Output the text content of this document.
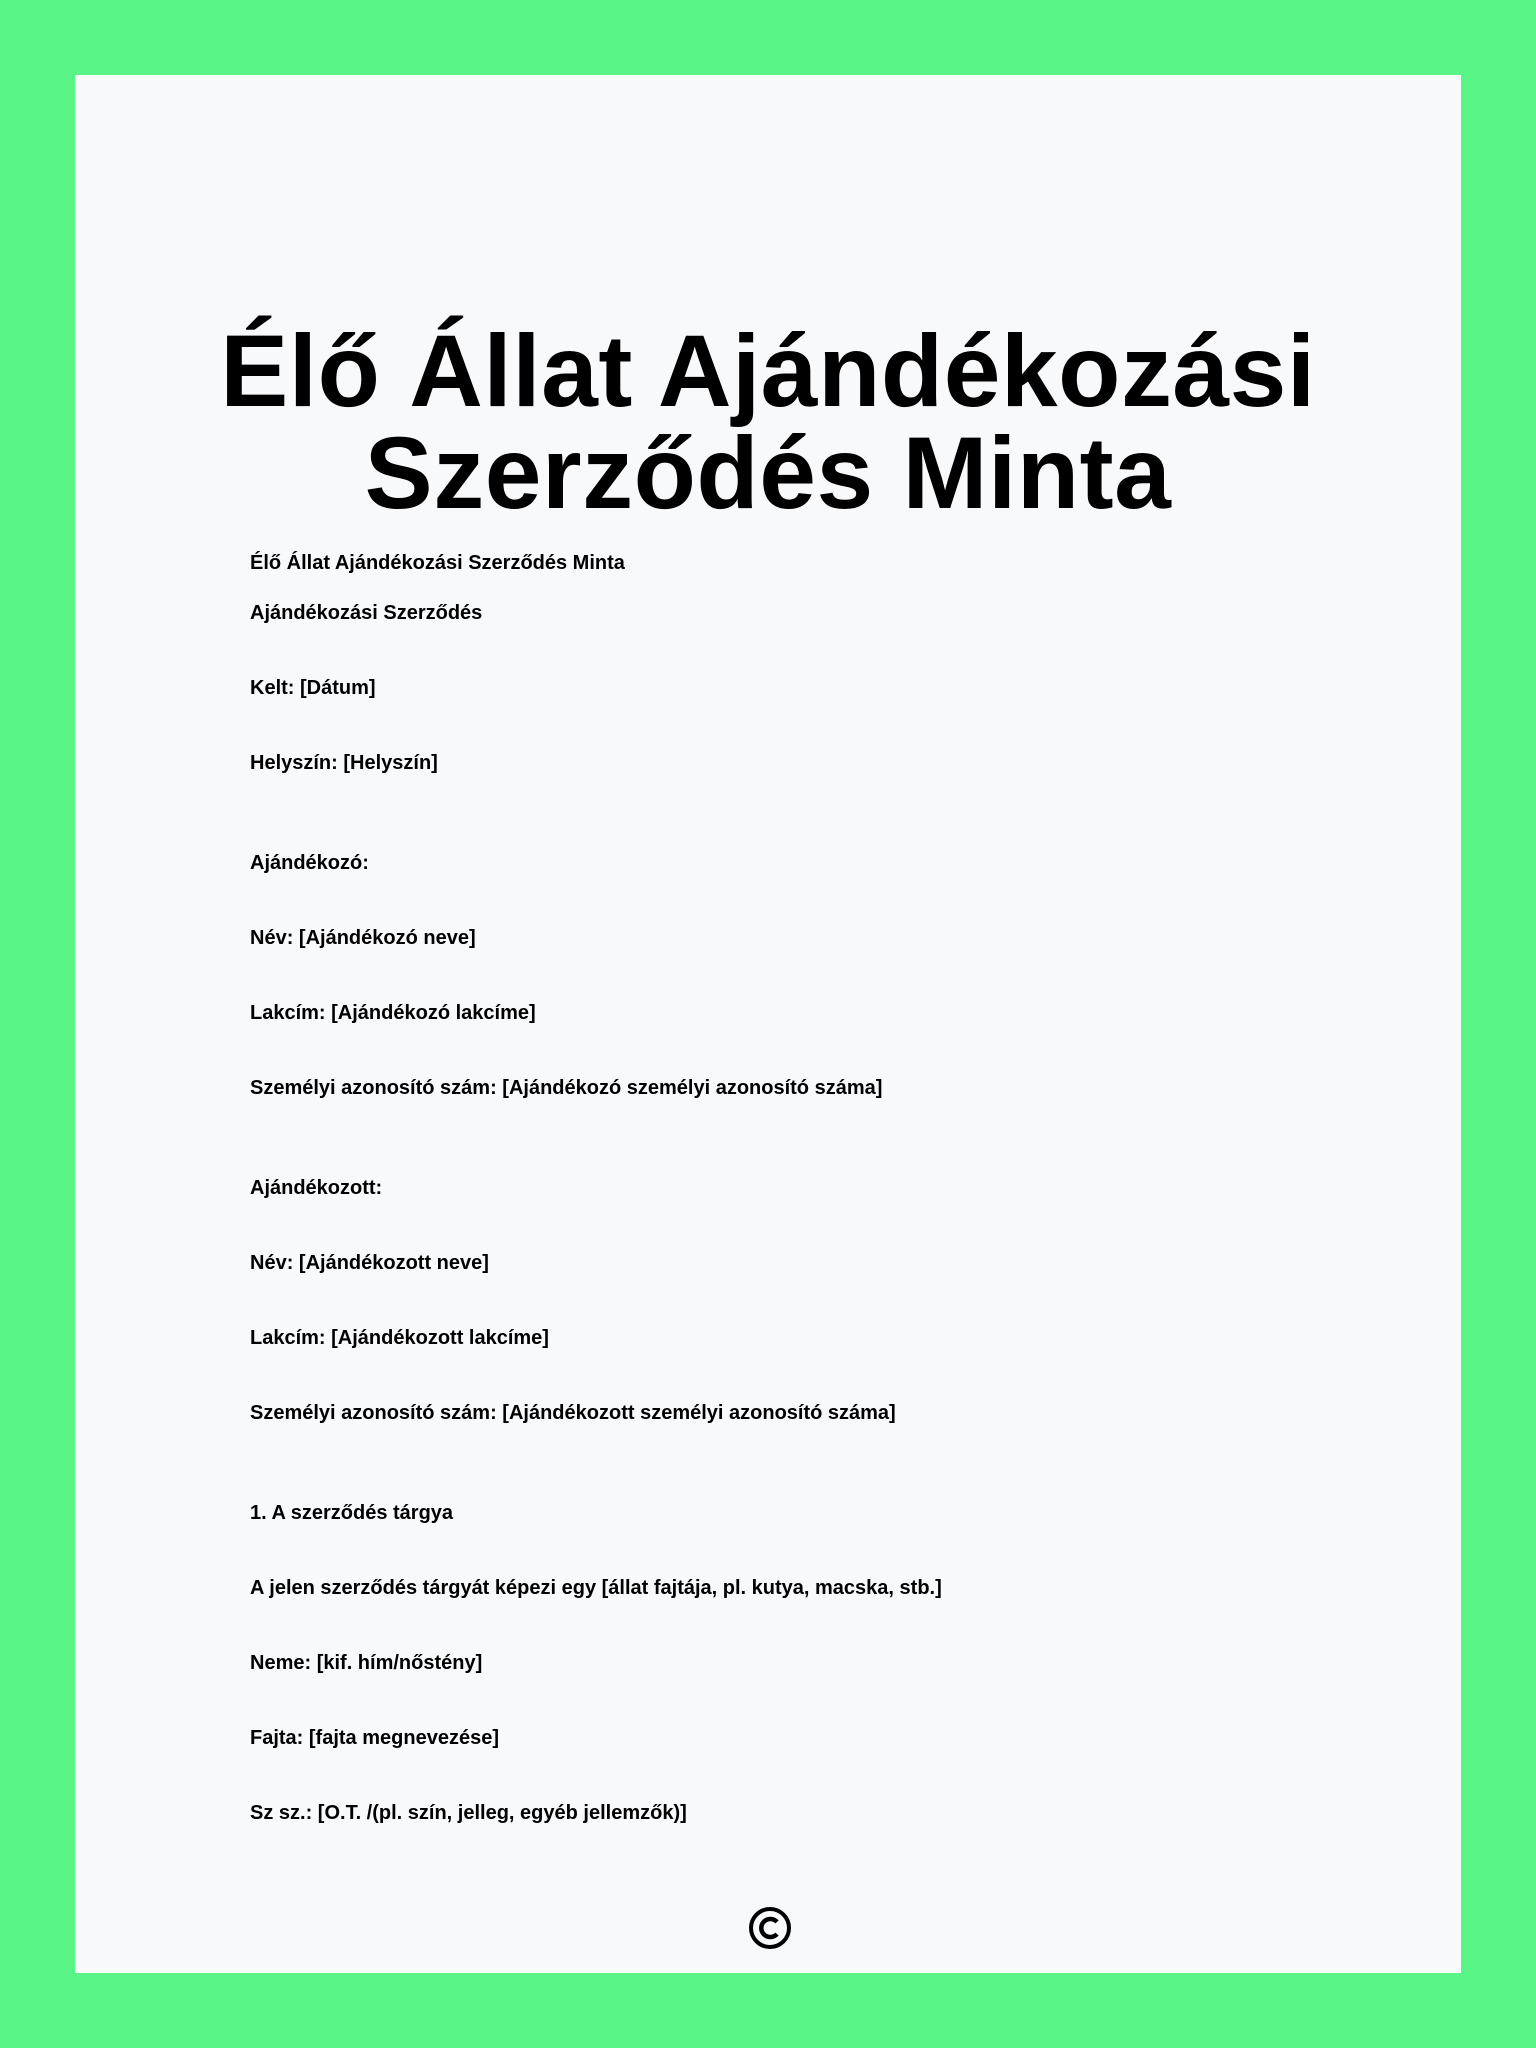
Élő Állat Ajándékozási
Szerződés Minta

Élő Állat Ajándékozási Szerződés Minta

Ajándékozási Szerződés

Kelt: [Dátum]

Helyszín: [Helyszín]

Ajándékozó:

Név: [Ajándékozó neve]

Lakcím: [Ajándékozó lakcíme]

Személyi azonosító szám: [Ajándékozó személyi azonosító száma]

Ajándékozott:

Név: [Ajándékozott neve]

Lakcím: [Ajándékozott lakcíme]

Személyi azonosító szám: [Ajándékozott személyi azonosító száma]

1. A szerződés tárgya

A jelen szerződés tárgyát képezi egy [állat fajtája, pl. kutya, macska, stb.]

Neme: [kif. hím/nőstény]

Fajta: [fajta megnevezése]

Sz sz.: [O.T. /(pl. szín, jelleg, egyéb jellemzők)]
